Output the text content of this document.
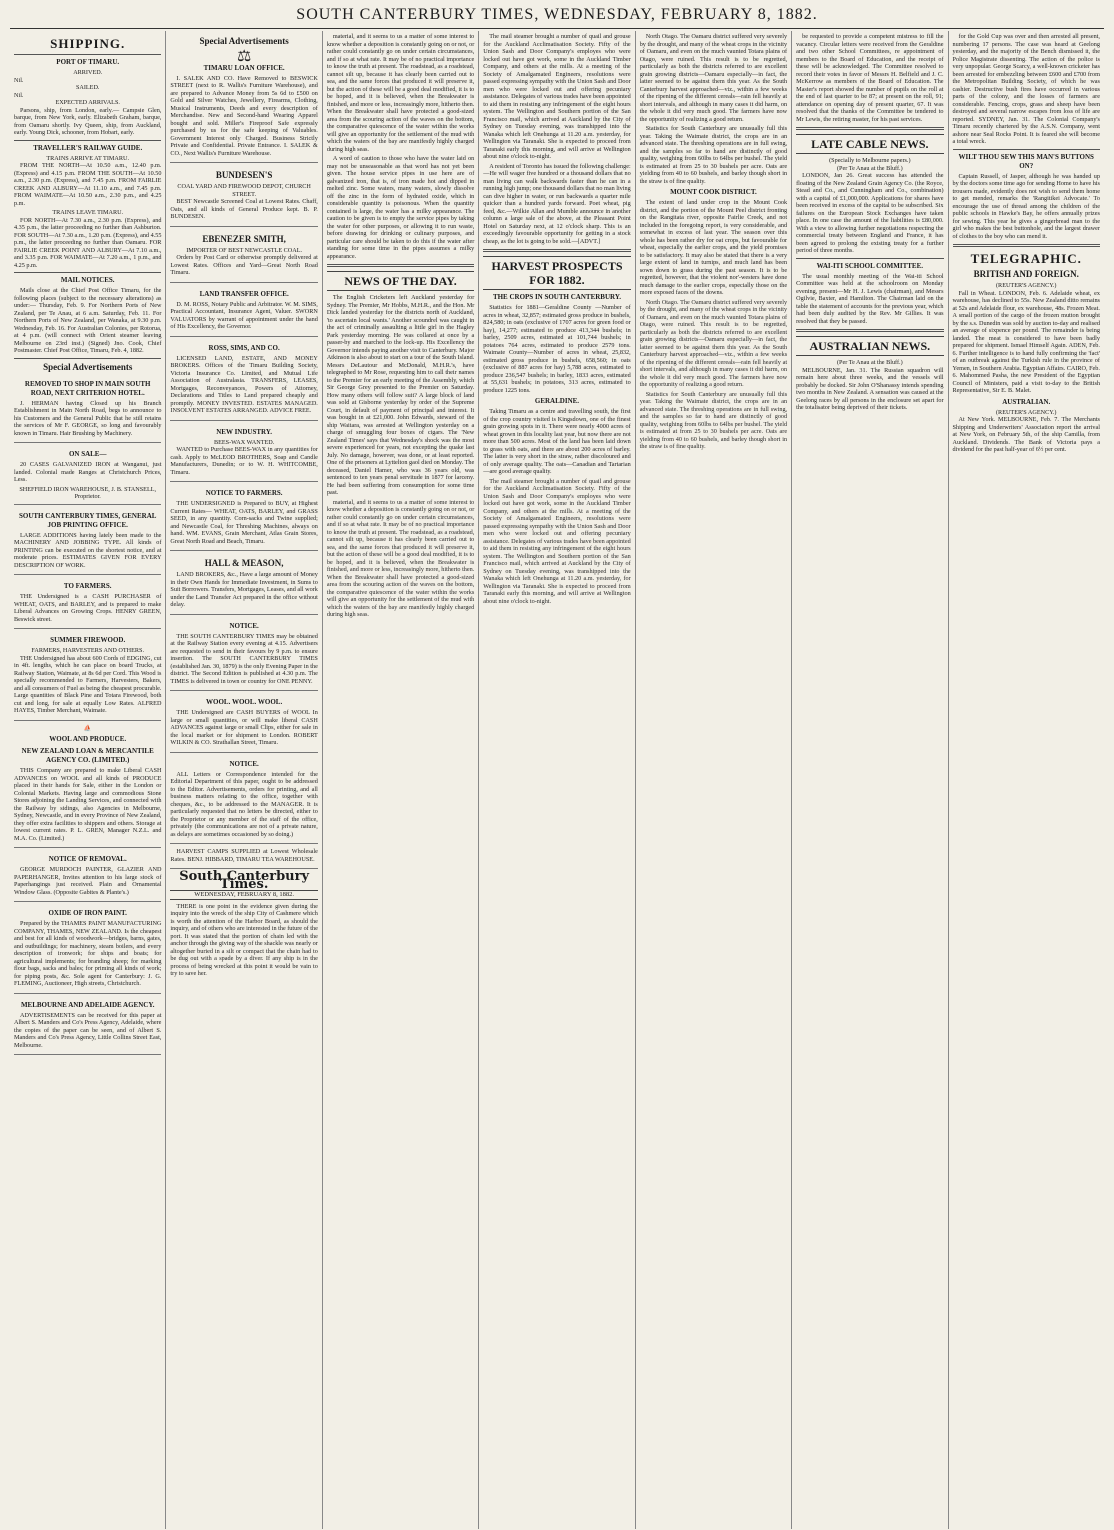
SOUTH CANTERBURY TIMES, WEDNESDAY, FEBRUARY 8, 1882.
SHIPPING.
PORT OF TIMARU.
ARRIVED.
Nil.
SAILED.
Nil.
EXPECTED ARRIVALS.

Parsons, ship, from London, early.— Campsie Glen, barque, from New York, early. Elizabeth Graham, barque, from Oamaru shortly. Ivy Queen, ship, from Auckland, early. Young Dick, schooner, from Hobart, early.

TRAVELLER'S RAILWAY GUIDE.
TRAINS ARRIVE AT TIMARU.

FROM THE NORTH—At 10.50 a.m., 12.40 p.m. (Express) and 4.15 p.m. FROM THE SOUTH—At 10.50 a.m., 2.30 p.m. (Express), and 7.45 p.m. FROM FAIRLIE CREEK AND ALBURY—At 11.10 a.m., and 7.45 p.m. FROM WAIMATE—At 10.50 a.m., 2.30 p.m., and 4.25 p.m.

TRAINS LEAVE TIMARU.

FOR NORTH—At 7.30 a.m., 2.30 p.m. (Express), and 4.35 p.m., the latter proceeding no further than Ashburton. FOR SOUTH—At 7.30 a.m., 1.20 p.m. (Express), and 4.55 p.m., the latter proceeding no further than Oamaru. FOR FAIRLIE CREEK POINT AND ALBURY—At 7.10 a.m., and 3.35 p.m. FOR WAIMATE—At 7.20 a.m., 1 p.m., and 4.25 p.m.

MAIL NOTICES.

Mails close at the Chief Post Office Timaru, for the following places (subject to the necessary alterations) as under:— Thursday, Feb. 9. For Northern Ports of New Zealand, per Te Anau, at 6 a.m. Saturday, Feb. 11. For Northern Ports of New Zealand, per Wanaka, at 9.30 p.m. Wednesday, Feb. 16. For Australian Colonies, per Rotorua, at 4 p.m. (will connect with Orient steamer leaving Melbourne on 23rd inst.) (Signed) Jno. Cook, Chief Postmaster. Chief Post Office, Timaru, Feb. 4, 1882.

Special Advertisements
REMOVED TO SHOP IN MAIN SOUTH ROAD, NEXT CRITERION HOTEL.

J. HERMAN having Closed up his Branch Establishment in Main North Road, begs to announce to his Customers and the General Public that he still retains the services of Mr F. GEORGE, so long and favourably known in Timaru. Hair Brushing by Machinery.

ON SALE—

20 CASES GALVANIZED IRON at Wanganui, just landed. Colonial made Ranges at Christchurch Prices, Less.

SHEFFIELD IRON WAREHOUSE, J. B. STANSELL, Proprietor.
SOUTH CANTERBURY TIMES, GENERAL JOB PRINTING OFFICE.

LARGE ADDITIONS having lately been made to the MACHINERY AND JOBBING TYPE. All kinds of PRINTING can be executed on the shortest notice, and at moderate prices. ESTIMATES GIVEN FOR EVERY DESCRIPTION OF WORK.

TO FARMERS.

THE Undersigned is a CASH PURCHASER of WHEAT, OATS, and BARLEY, and is prepared to make Liberal Advances on Growing Crops. HENRY GREEN, Beswick street.

SUMMER FIREWOOD.
FARMERS, HARVESTERS AND OTHERS.

THE Undersigned has about 600 Cords of EDGING, cut in 4ft. lengths, which he can place on board Trucks, at Railway Station, Waimate, at 8s 6d per Cord. This Wood is specially recommended to Farmers, Harvesters, Bakers, and all consumers of Fuel as being the cheapest procurable. Large quantities of Black Pine and Totara Firewood, both cut and long, for sale at equally Low Rates. ALFRED HAYES, Timber Merchant, Waimate.

⛵
WOOL AND PRODUCE.
NEW ZEALAND LOAN & MERCANTILE AGENCY CO. (LIMITED.)

THIS Company are prepared to make Liberal CASH ADVANCES on WOOL and all kinds of PRODUCE placed in their hands for Sale, either in the London or Colonial Markets. Having large and commodious Stone Stores adjoining the Landing Services, and connected with the Railway by sidings, also Agencies in Melbourne, Sydney, Newcastle, and in every Province of New Zealand, they offer extra facilities to shippers and others. Storage at lowest current rates. P. L. GREN, Manager N.Z.L. and M.A. Co. (Limited.)

NOTICE OF REMOVAL.

GEORGE MURDOCH PAINTER, GLAZIER AND PAPERHANGER, Invites attention to his large stock of Paperhangings just received. Plain and Ornamental Window Glass. (Opposite Gabites & Plante's.)

OXIDE OF IRON PAINT.

Prepared by the THAMES PAINT MANUFACTURING COMPANY, THAMES, NEW ZEALAND. Is the cheapest and best for all kinds of woodwork—bridges, barns, gates, and outbuildings; for machinery, steam boilers, and every description of ironwork; for ships and boats; for agricultural implements; for branding sheep; for marking flour bags, sacks and bales; for priming all kinds of work; for piping posts, &c. Sole agent for Canterbury: J. G. FLEMING, Auctioneer, High streets, Christchurch.

MELBOURNE AND ADELAIDE AGENCY.

ADVERTISEMENTS can be received for this paper at Albert S. Manders and Co's Press Agency, Adelaide, where the copies of the paper can be seen, and of Albert S. Manders and Co's Press Agency, Little Collins Street East, Melbourne.

Special Advertisements
⚖
TIMARU LOAN OFFICE.

I. SALEK AND CO. Have Removed to BESWICK STREET (next to R. Wallis's Furniture Warehouse), and are prepared to Advance Money from 5s 6d to £500 on Gold and Silver Watches, Jewellery, Firearms, Clothing, Musical Instruments, Deeds and every description of Merchandise. New and Second-hand Wearing Apparel bought and sold. Miller's Fireproof Safe expressly purchased by us for the safe keeping of Valuables. Government Interest only Charged. Business Strictly Private and Confidential. Private Entrance. I. SALEK & CO., Next Wallis's Furniture Warehouse.

BUNDESEN'S
COAL YARD AND FIREWOOD DEPOT, CHURCH STREET.

BEST Newcastle Screened Coal at Lowest Rates. Chaff, Oats, and all kinds of General Produce kept. B. P. BUNDESEN.

EBENEZER SMITH,
IMPORTER OF BEST NEWCASTLE COAL.

Orders by Post Card or otherwise promptly delivered at Lowest Rates. Offices and Yard—Great North Road Timaru.

LAND TRANSFER OFFICE.

D. M. ROSS, Notary Public and Arbitrator. W. M. SIMS, Practical Accountant, Insurance Agent, Valuer. SWORN VALUATORS by warrant of appointment under the hand of His Excellency, the Governor.

ROSS, SIMS, AND CO.

LICENSED LAND, ESTATE, AND MONEY BROKERS. Offices of the Timaru Building Society, Victoria Insurance Co. Limited, and Mutual Life Association of Australasia. TRANSFERS, LEASES, Mortgages, Reconveyances, Powers of Attorney, Declarations and Titles to Land prepared cheaply and promptly. MONEY INVESTED. ESTATES MANAGED. INSOLVENT ESTATES ARRANGED. ADVICE FREE.

NEW INDUSTRY.
BEES-WAX WANTED.

WANTED to Purchase BEES-WAX in any quantities for cash. Apply to McLEOD BROTHERS, Soap and Candle Manufacturers, Dunedin; or to W. H. WHITCOMBE, Timaru.

NOTICE TO FARMERS.

THE UNDERSIGNED is Prepared to BUY, at Highest Current Rates— WHEAT, OATS, BARLEY, and GRASS SEED, in any quantity. Corn-sacks and Twine supplied; and Newcastle Coal, for Threshing Machines, always on hand. WM. EVANS, Grain Merchant, Atlas Grain Stores, Great North Road and Beach, Timaru.

HALL & MEASON,

LAND BROKERS, &c., Have a large amount of Money in their Own Hands for Immediate Investment, in Sums to Suit Borrowers. Transfers, Mortgages, Leases, and all work under the Land Transfer Act prepared in the office without delay.

NOTICE.

THE SOUTH CANTERBURY TIMES may be obtained at the Railway Station every evening at 4.15. Advertisers are requested to send in their favours by 9 p.m. to ensure insertion. The SOUTH CANTERBURY TIMES (established Jan. 30, 1879) is the only Evening Paper in the district. The Second Edition is published at 4.30 p.m. The TIMES is delivered in town or country for ONE PENNY.

WOOL. WOOL. WOOL.

THE Undersigned are CASH BUYERS of WOOL In large or small quantities, or will make liberal CASH ADVANCES against large or small Clips, either for sale in the local market or for shipment to London. ROBERT WILKIN & CO. Strathallan Street, Timaru.

NOTICE.

ALL Letters or Correspondence intended for the Editorial Department of this paper, ought to be addressed to the Editor. Advertisements, orders for printing, and all business matters relating to the office, together with cheques, &c., to be addressed to the MANAGER. It is particularly requested that no letters be directed, either to the Proprietor or any member of the staff of the office, privately (the communications are not of a private nature, as delays are sometimes occasioned by so doing.)

HARVEST CAMPS SUPPLIED at Lowest Wholesale Rates. BENJ. HIBBARD, TIMARU TEA WAREHOUSE.

South Canterbury Times.
WEDNESDAY, FEBRUARY 8, 1882.

THERE is one point in the evidence given during the inquiry into the wreck of the ship City of Cashmere which is worth the attention of the Harbor Board, as should the inquiry, and of others who are interested in the future of the port. It was stated that the portion of chain led with the anchor through the giving way of the shackle was nearly or altogether buried in a silt or compact that the chain had to be dug out with a spade by a diver. If any ship is in the process of being wrecked at this point it would be vain to try to save her.

material, and it seems to us a matter of some interest to know whether a deposition is constantly going on or not, or rather could constantly go on under certain circumstances, and if so at what rate. It may be of no practical importance to know the truth at present. The roadstead, as a roadstead, cannot silt up, because it has clearly been carried out to sea, and the same forces that produced it will preserve it, but the action of these will be a good deal modified, it is to be hoped, and it is believed, when the Breakwater is finished, and more or less, increasingly more, hitherto then. When the Breakwater shall have protected a good-sized area from the scouring action of the waves on the bottom, the comparative quiescence of the water within the works will give an opportunity for the settlement of the mud with which the waters of the bay are manifestly highly charged during high seas.

A word of caution to those who have the water laid on may not be unseasonable as that word has not yet been given. The house service pipes in use here are of galvanized iron, that is, of iron made hot and dipped in melted zinc. Some waters, many waters, slowly dissolve off the zinc in the form of hydrated oxide, which in considerable quantity is poisonous. When the quantity contained is large, the water has a milky appearance. The caution to be given is to empty the service pipes by taking the water for other purposes, or allowing it to run waste, before drawing for drinking or culinary purposes, and particular care should be taken to do this if the water after standing for some time in the pipes assumes a milky appearance.

NEWS OF THE DAY.

The English Cricketers left Auckland yesterday for Sydney. The Premier, Mr Hobbs, M.H.R., and the Hon. Mr Dick landed yesterday for the districts north of Auckland, 'to ascertain local wants.' Another scoundrel was caught in the act of criminally assaulting a little girl in the Hagley Park yesterday morning. He was collared at once by a passer-by and marched to the lock-up. His Excellency the Governor intends paying another visit to Canterbury. Major Atkinson is also about to start on a tour of the South Island. Messrs DeLautour and McDonald, M.H.R.'s, have telegraphed to Mr Rose, requesting him to call their names to the Premier for an early meeting of the Assembly, which Sir George Grey presented to the Premier on Saturday. How many others will follow suit? A large block of land was sold at Gisborne yesterday by order of the Supreme Court, in default of payment of principal and interest. It was bought in at £21,000. John Edwards, steward of the ship Waitara, was arrested at Wellington yesterday on a charge of smuggling four boxes of cigars. The 'New Zealand Times' says that Wednesday's shock was the most severe experienced for years, not excepting the quake last July. No damage, however, was done, or at least reported. One of the prisoners at Lyttelton gaol died on Monday. The deceased, Daniel Hamer, who was 36 years old, was sentenced to ten years penal servitude in 1877 for larceny. He had been suffering from consumption for some time past.

material, and it seems to us a matter of some interest to know whether a deposition is constantly going on or not, or rather could constantly go on under certain circumstances, and if so at what rate. It may be of no practical importance to know the truth at present. The roadstead, as a roadstead, cannot silt up, because it has clearly been carried out to sea, and the same forces that produced it will preserve it, but the action of these will be a good deal modified, it is to be hoped, and it is believed, when the Breakwater is finished, and more or less, increasingly more, hitherto then. When the Breakwater shall have protected a good-sized area from the scouring action of the waves on the bottom, the comparative quiescence of the water within the works will give an opportunity for the settlement of the mud with which the waters of the bay are manifestly highly charged during high seas.

The mail steamer brought a number of quail and grouse for the Auckland Acclimatisation Society. Fifty of the Union Sash and Door Company's employes who were locked out have got work, some in the Auckland Timber Company, and others at the mills. At a meeting of the Society of Amalgamated Engineers, resolutions were passed expressing sympathy with the Union Sash and Door men who were locked out and offering pecuniary assistance. Delegates of various trades have been appointed to aid them in resisting any infringement of the eight hours system. The Wellington and Southern portion of the San Francisco mail, which arrived at Auckland by the City of Sydney on Tuesday evening, was transhipped into the Wanaka which left Onehunga at 11.20 a.m. yesterday, for Wellington via Taranaki. She is expected to proceed from Taranaki early this morning, and will arrive at Wellington about nine o'clock to-night.

A resident of Toronto has issued the following challenge:—He will wager five hundred or a thousand dollars that no man living can walk backwards faster than he can in a running high jump; one thousand dollars that no man living can dive higher in water, or run backwards a quarter mile quicker than a hundred yards forward. Poet wheat, pig feed, &c.—Wilkie Allan and Mumble announce in another column a large sale of the above, at the Pleasant Point Hotel on Saturday next, at 12 o'clock sharp. This is an exceedingly favourable opportunity for getting in a stock cheap, as the lot is going to be sold.—[ADVT.]

HARVEST PROSPECTS FOR 1882.
THE CROPS IN SOUTH CANTERBURY.

Statistics for 1881—Geraldine County —Number of acres in wheat, 32,857; estimated gross produce in bushels, 824,580; in oats (exclusive of 1707 acres for green food or hay), 14,277; estimated to produce 413,344 bushels; in barley, 2509 acres, estimated at 101,744 bushels; in potatoes 764 acres, estimated to produce 2579 tons. Waimate County—Number of acres in wheat, 25,832, estimated gross produce in bushels, 658,560; in oats (exclusive of 887 acres for hay) 5,788 acres, estimated to produce 236,547 bushels; in barley, 1833 acres, estimated at 55,631 bushels; in potatoes, 313 acres, estimated to produce 1225 tons.

GERALDINE.

Taking Timaru as a centre and travelling south, the first of the crop country visited is Kingsdown, one of the finest grain growing spots in it. There were nearly 4000 acres of wheat grown in this locality last year, but now there are not more than 500 acres. Most of the land has been laid down to grass with oats, and there are about 200 acres of barley. The latter is very short in the straw, rather discoloured and of only average quality. The oats—Canadian and Tartarian—are good average quality.

The mail steamer brought a number of quail and grouse for the Auckland Acclimatisation Society. Fifty of the Union Sash and Door Company's employes who were locked out have got work, some in the Auckland Timber Company, and others at the mills. At a meeting of the Society of Amalgamated Engineers, resolutions were passed expressing sympathy with the Union Sash and Door men who were locked out and offering pecuniary assistance. Delegates of various trades have been appointed to aid them in resisting any infringement of the eight hours system. The Wellington and Southern portion of the San Francisco mail, which arrived at Auckland by the City of Sydney on Tuesday evening, was transhipped into the Wanaka which left Onehunga at 11.20 a.m. yesterday, for Wellington via Taranaki. She is expected to proceed from Taranaki early this morning, and will arrive at Wellington about nine o'clock to-night.

North Otago. The Oamaru district suffered very severely by the drought, and many of the wheat crops in the vicinity of Oamaru, and even on the much vaunted Totara plains of Otago, were ruined. This result is to be regretted, particularly as both the districts referred to are excellent grain growing districts—Oamaru especially—in fact, the latter seemed to be against them this year. As the South Canterbury harvest approached—viz., within a few weeks of the ripening of the different cereals—rain fell heavily at short intervals, and although in many cases it did harm, on the whole it did very much good. The farmers have now the opportunity of realizing a good return.

Statistics for South Canterbury are unusually full this year. Taking the Waimate district, the crops are in an advanced state. The threshing operations are in full swing, and the samples so far to hand are distinctly of good quality, weighing from 60lbs to 64lbs per bushel. The yield is estimated at from 25 to 30 bushels per acre. Oats are yielding from 40 to 60 bushels, and barley though short in the straw is of fine quality.

MOUNT COOK DISTRICT.

The extent of land under crop in the Mount Cook district, and the portion of the Mount Peel district fronting on the Rangitata river, opposite Fairlie Creek, and not included in the foregoing report, is very considerable, and somewhat in excess of last year. The season over this whole has been rather dry for oat crops, but favourable for wheat, especially the earlier crops, and the yield promises to be satisfactory. It may also be stated that there is a very large extent of land in turnips, and much land has been sown down to grass during the past season. It is to be regretted, however, that the violent nor'-westers have done much damage to the earlier crops, especially those on the more exposed faces of the downs.

North Otago. The Oamaru district suffered very severely by the drought, and many of the wheat crops in the vicinity of Oamaru, and even on the much vaunted Totara plains of Otago, were ruined. This result is to be regretted, particularly as both the districts referred to are excellent grain growing districts—Oamaru especially—in fact, the latter seemed to be against them this year. As the South Canterbury harvest approached—viz., within a few weeks of the ripening of the different cereals—rain fell heavily at short intervals, and although in many cases it did harm, on the whole it did very much good. The farmers have now the opportunity of realizing a good return.

Statistics for South Canterbury are unusually full this year. Taking the Waimate district, the crops are in an advanced state. The threshing operations are in full swing, and the samples so far to hand are distinctly of good quality, weighing from 60lbs to 64lbs per bushel. The yield is estimated at from 25 to 30 bushels per acre. Oats are yielding from 40 to 60 bushels, and barley though short in the straw is of fine quality.

be requested to provide a competent mistress to fill the vacancy. Circular letters were received from the Geraldine and two other School Committees, re appointment of members to the Board of Education, and the receipt of these will be acknowledged. The Committee resolved to record their votes in favor of Messrs H. Belfield and J. C. McKerrow as members of the Board of Education. The Master's report showed the number of pupils on the roll at the end of last quarter to be 87; at present on the roll, 91; attendance on opening day of present quarter, 67. It was resolved that the thanks of the Committee be tendered to Mr Lewis, the retiring master, for his past services.

LATE CABLE NEWS.
(Specially to Melbourne papers.)
(Per Te Anau at the Bluff.)

LONDON, Jan 26. Great success has attended the floating of the New Zealand Grain Agency Co. (the Royce, Stead and Co., and Cunningham and Co., combination) with a capital of £1,000,000. Applications for shares have been received in excess of the capital to be subscribed. Six failures on the European Stock Exchanges have taken place. In one case the amount of the liabilities is £80,000. With a view to allowing further negotiations respecting the commercial treaty between England and France, it has been agreed to prolong the existing treaty for a further period of three months.

WAI-ITI SCHOOL COMMITTEE.

The usual monthly meeting of the Wai-iti School Committee was held at the schoolroom on Monday evening, present—Mr H. J. Lewis (chairman), and Messrs Ogilvie, Baxter, and Hamilton. The Chairman laid on the table the statement of accounts for the previous year, which had been duly audited by the Rev. Mr Gillies. It was resolved that they be passed.

AUSTRALIAN NEWS.
(Per Te Anau at the Bluff.)

MELBOURNE, Jan. 31. The Russian squadron will remain here about three weeks, and the vessels will probably be docked. Sir John O'Shanassy intends spending two months in New Zealand. A sensation was caused at the Geelong races by all persons in the enclosure set apart for the totalisator being deprived of their tickets.

for the Gold Cup was over and then arrested all present, numbering 17 persons. The case was heard at Geelong yesterday, and the majority of the Bench dismissed it, the Police Magistrate dissenting. The action of the police is very unpopular. George Scarcy, a well-known cricketer has been arrested for embezzling between £600 and £700 from the Metropolitan Building Society, of which he was cashier. Destructive bush fires have occurred in various parts of the colony, and the losses of farmers are considerable. Fencing, crops, grass and sheep have been destroyed and several narrow escapes from loss of life are reported. SYDNEY, Jan. 31. The Colonial Company's Timaru recently chartered by the A.S.N. Company, went ashore near Seal Rocks Point. It is feared she will become a total wreck.

WILT THOU SEW THIS MAN'S BUTTONS ON?

Captain Russell, of Jasper, although he was handed up by the doctors some time ago for sending Home to have his trousers made, evidently does not wish to send them home to get mended, remarks the 'Rangitikei Advocate.' To encourage the use of thread among the children of the public schools in Hawke's Bay, he offers annually prizes for sewing. This year he gives a gingerbread man to the girl who makes the best buttonhole, and the largest drawer of clothes to the boy who can mend it.

TELEGRAPHIC.
BRITISH AND FOREIGN.
(REUTER'S AGENCY.)

Fall in Wheat. LONDON, Feb. 6. Adelaide wheat, ex warehouse, has declined to 55s. New Zealand ditto remains at 52s and Adelaide flour, ex warehouse, 48s. Frozen Meat. A small portion of the cargo of the frozen mutton brought by the s.s. Dunedin was sold by auction to-day and realised an average of sixpence per pound. The remainder is being landed. The meat is considered to have been badly prepared for shipment. Ismael Himself Again. ADEN, Feb. 6. Further intelligence is to hand fully confirming the 'fact' of an outbreak against the Turkish rule in the province of Yemen, in Southern Arabia. Egyptian Affairs. CAIRO, Feb. 6. Mahommed Pasha, the new President of the Egyptian Council of Ministers, paid a visit to-day to the British Representative, Sir E. B. Malet.

AUSTRALIAN.
(REUTER'S AGENCY.)

At New York. MELBOURNE, Feb. 7. The Merchants Shipping and Underwriters' Association report the arrival at New York, on February 5th, of the ship Camilla, from Auckland. Dividends. The Bank of Victoria pays a dividend for the past half-year of 6½ per cent.
